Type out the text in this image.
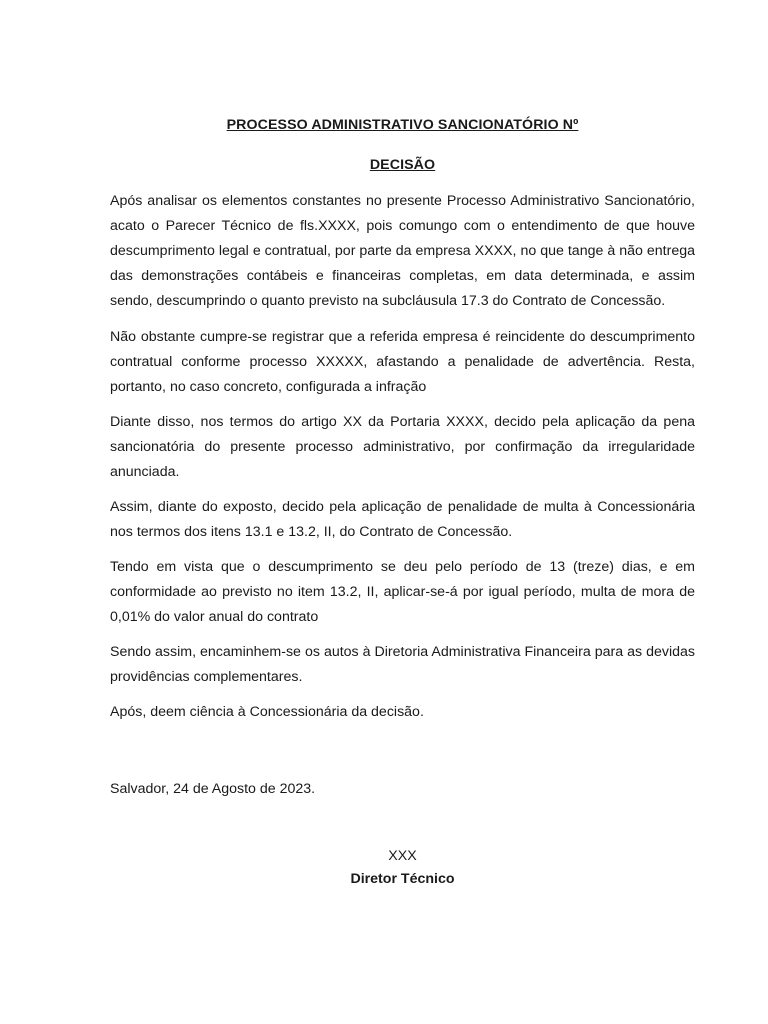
PROCESSO ADMINISTRATIVO SANCIONATÓRIO Nº
DECISÃO

Após analisar os elementos constantes no presente Processo Administrativo Sancionatório, acato o Parecer Técnico de fls.XXXX, pois comungo com o entendimento de que houve descumprimento legal e contratual, por parte da empresa XXXX, no que tange à não entrega das demonstrações contábeis e financeiras completas, em data determinada, e assim sendo, descumprindo o quanto previsto na subcláusula 17.3 do Contrato de Concessão.

Não obstante cumpre-se registrar que a referida empresa é reincidente do descumprimento contratual conforme processo XXXXX, afastando a penalidade de advertência. Resta, portanto, no caso concreto, configurada a infração

Diante disso, nos termos do artigo XX da Portaria XXXX, decido pela aplicação da pena sancionatória do presente processo administrativo, por confirmação da irregularidade anunciada.

Assim, diante do exposto, decido pela aplicação de penalidade de multa à Concessionária nos termos dos itens 13.1 e 13.2, II, do Contrato de Concessão.

Tendo em vista que o descumprimento se deu pelo período de 13 (treze) dias, e em conformidade ao previsto no item 13.2, II, aplicar-se-á por igual período, multa de mora de 0,01% do valor anual do contrato

Sendo assim, encaminhem-se os autos à Diretoria Administrativa Financeira para as devidas providências complementares.

Após, deem ciência à Concessionária da decisão.

Salvador, 24 de Agosto de 2023.

XXX
Diretor Técnico
